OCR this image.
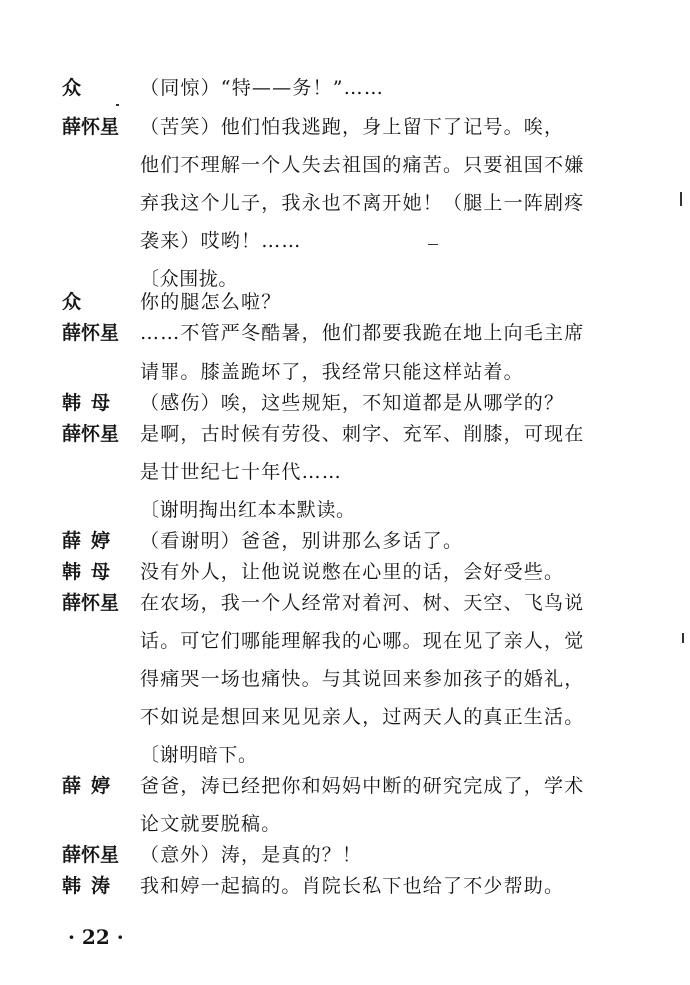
众	（同惊）“特——务！”……
薛怀星	（苦笑）他们怕我逃跑，身上留下了记号。唉，
他们不理解一个人失去祖国的痛苦。只要祖国不嫌
弃我这个儿子，我永也不离开她！（腿上一阵剧疼
袭来）哎哟！……
〔众围拢。
众	你的腿怎么啦？
薛怀星	……不管严冬酷暑，他们都要我跪在地上向毛主席
请罪。膝盖跪坏了，我经常只能这样站着。
韩母	（感伤）唉，这些规矩，不知道都是从哪学的？
薛怀星	是啊，古时候有劳役、刺字、充军、削膝，可现在
是廿世纪七十年代……
〔谢明掏出红本本默读。
薛婷	（看谢明）爸爸，别讲那么多话了。
韩母	没有外人，让他说说憋在心里的话，会好受些。
薛怀星	在农场，我一个人经常对着河、树、天空、飞鸟说
话。可它们哪能理解我的心哪。现在见了亲人，觉
得痛哭一场也痛快。与其说回来参加孩子的婚礼，
不如说是想回来见见亲人，过两天人的真正生活。
〔谢明暗下。
薛婷	爸爸，涛已经把你和妈妈中断的研究完成了，学术
论文就要脱稿。
薛怀星	（意外）涛，是真的？！
韩涛	我和婷一起搞的。肖院长私下也给了不少帮助。
· 22 ·
